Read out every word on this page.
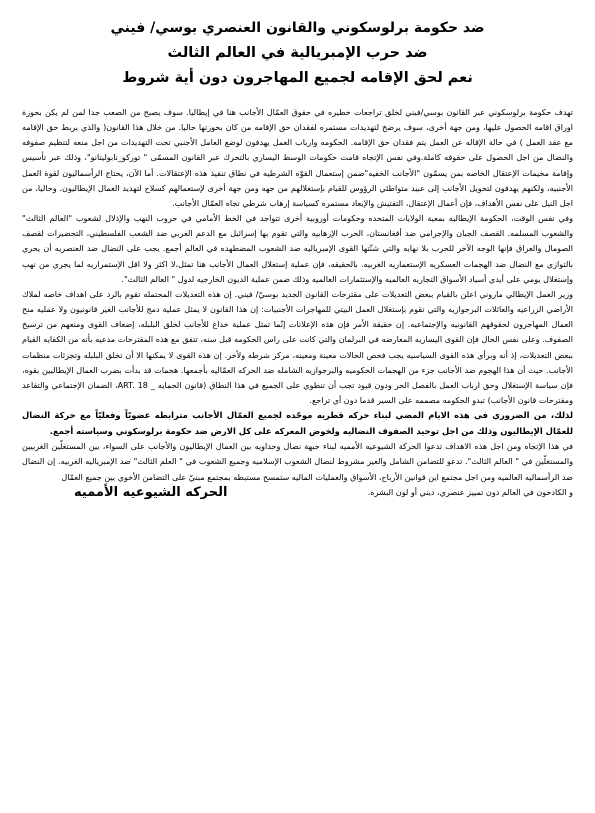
ضد حكومة برلوسكوني والقانون العنصري بوسي/ فيني

ضد حرب الإمبريالية في العالم الثالث

نعم لحق الإقامه لجميع المهاجرون دون أية شروط

تهدف حكومة برلوسكوني عبر القانون بوسي/فيني لخلق تراجعات خطيره في حقوق العمّال الأجانب هنا في إيطاليا. سوف يصبح من الصعب جدا لمن لم يكن بحوزة اوراق اقامه الحصول عليها، ومن جهة أخرى، سوف يرضخ لتهديدات مستمره لفقدان حق الإقامه من كان بحوزتها حاليا. من خلال هذا القانون( والذي يربط حق الإقامه مع عقد العمل ) في حالة الإقاله عن العمل يتم فقدان حق الإقامه. الحكومه وارباب العمل يهدفون لوضع العامل الأجنبي تحت التهديدات من اجل منعه لتنظيم صفوفه والنضال من اجل الحصول على حقوقه كاملة.وفي نفس الإتجاه قامت حكومات الوسط اليساري بالتحرك عبر القانون المسمّى " توركو_نابوليتانو"، وذلك عبر تأسيس وإقامة مخيمات الإعتقال الخاصه بمن يسمّون "الأجانب الخفيه"ضمن إستعمال القوّه الشرطيه في نطاق تنفيذ هذه الإعتقالات. أما الآن، يحتاج الرأسماليون لقوة العمل الأجنبيه، ولكنهم يهدفون لتحويل الأجانب إلى عبيد متواطئي الرؤوس للقيام بإستغلالهم من جهه ومن جهة أخرى لإستعمالهم كسلاح لتهديد العمال الإيطاليون. وحاليا، من اجل النيل على نفس الأهداف، فإن أعمال الإعتقال، التفتيش والإبعاد مستمره كسياسة إرهاب شرطي تجاه العمّال الأجانب.

وفي نفس الوقت، الحكومة الإيطاليه بمعية الولايات المتحده وحكومات أوروبية أخرى تتواجد في الخط الأمامي في حروب النهب والإذلال لشعوب "العالم الثالث" والشعوب المسلمه. القصف الجبان والإجرامي ضد أفغانستان، الحرب الإرهابيه والتي تقوم بها إسرائيل مع الدعم الغربي ضد الشعب الفلسطيني، التحضيرات لقصف الصومال والعراق فإنها الوجه الآخر للحرب بلا نهايه والتي شنّتها القوى الإمبرياليه ضد الشعوب المضطهده في العالم أجمع. يجب على النضال ضد العنصريه أن يجري بالتوازي مع النضال ضد الهجمات العسكريه الإستعماريه الغربيه. بالحقيقه، فإن عملية إستغلال العمال الأجانب هنا تمثل،لا اكثر ولا اقل الإستمراريه لما يجري من نهب وإستغلال يومي على أيدي أسياد الأسواق التجاريه العالميه والإستثمارات العالميه وذلك ضمن عملية الديون الخارجيه لدول " العالم الثالث".

وزير العمل الإيطالي ماروني اعلن بالقيام ببعض التعديلات على مقترحات القانون الجديد بوسيّ/ فيني. إن هذه التعديلات المحتمله تقوم بالرد على اهداف خاصه لملاك الأراضي الزراعيه والعائلات البرجوازيه والتي تقوم بإستغلال العمل البيتي للمهاجرات الأجنبيات: إن هذا القانون لا يمثل عملية دمج للأجانب الغير قانونيون ولا عمليه منح العمال المهاجرون لحقوقهم القانونيه والإجتماعيه. إن حقيقة الأمر فإن هذه الإعلانات إنّما تمثل عملية خداع للأجانب لخلق البلبله، إضعاف القوى ومنعهم من ترسيخ الصفوف. وعلى نفس الحال فإن القوى اليساريه المعارضه في البرلمان والتي كانت على راس الحكومه قبل سنه، تتفق مع هذه المقترحات مدعيه بأنه من الكفايه القيام ببعض التعديلات، إذ أنه وبرأي هذه القوى السياسيه يجب فحص الحالات معينة ومعينه، مركز شرطه ولأخر. إن هذه القوى لا يمكنها الا أن تخلق البلبله وتجزئات منظمات الأجانب. حيث أن هذا الهجوم ضد الأجانب جزء من الهجمات الحكوميه والبرجوازيه الشامله ضد الحركه العمّاليه بأجمعها. هجمات قد بدأت بضرب العمال الإيطاليين بقوه، فإن سياسة الإستغلال وحق ارباب العمل بالفصل الحر ودون قيود تجب أن تنطوي على الجميع في هذا النطاق (قانون الحمايه _ ART. 18، الضمان الإجتماعي والتقاعد ومقترحات قانون الأجانب) تبدو الحكومه مصممه على السير قدما دون أي تراجع.

لذلك، من الضروري في هذه الايام المضي لبناء حركه قطريه موحّده لجميع العمّال الأجانب مترابطه عضويّاً وفعليّاً مع حركة النضال للعمّال الإيطاليون وذلك من اجل توحيد الصفوف النضاليه ولخوض المعركه على كل الارض ضد حكومة برلوسكوني وسياسته أجمع.

في هذا الإتجاه ومن اجل هذه الاهداف تدعوا الحركة الشيوعيه الأمميه لبناء جبهة نضال وحداويه بين العمال الإيطاليون والأجانب على السواء، بين المستغلّين الغربيين والمستغلّين في " العالم الثالث". تدعو للتضامن الشامل والغير مشروط لنضال الشعوب الإسلاميه وجميع الشعوب في " العلم الثالث" ضد الإمبرياليه الغربيه. إن النضال ضد الرأسماليه العالميه ومن اجل مجتمع اين قوانين الأرباح، الأسواق والعمليات الماليه ستمسح مستبطه بمجتمع مبنيّ على التضامن الأخوي بين جميع العمّال

و الكادحون في العالم دون تمييز عنصري، ديني أو لون البشره.
الحركه الشيوعيه الأمميه
